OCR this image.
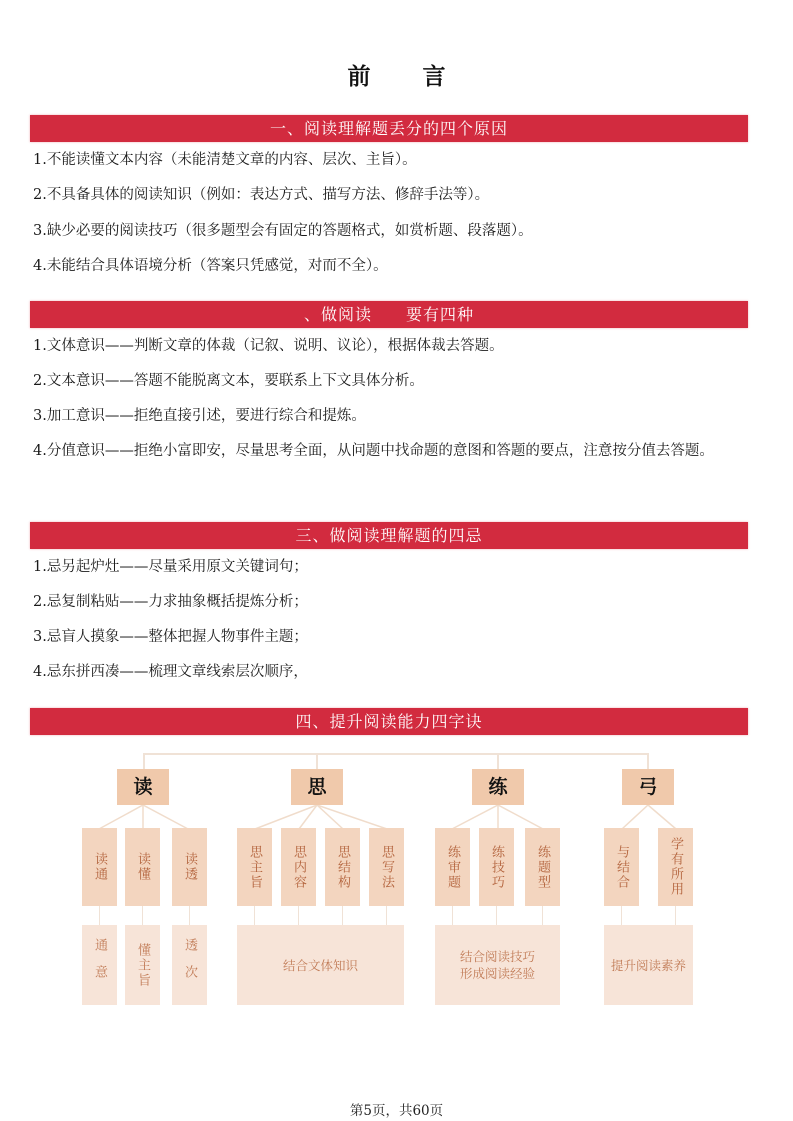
前 言
一、阅读理解题丢分的四个原因
1.不能读懂文本内容（未能清楚文章的内容、层次、主旨）。
2.不具备具体的阅读知识（例如：表达方式、描写方法、修辞手法等）。
3.缺少必要的阅读技巧（很多题型会有固定的答题格式，如赏析题、段落题）。
4.未能结合具体语境分析（答案只凭感觉，对而不全）。
、做阅读　　要有四种
1.文体意识——判断文章的体裁（记叙、说明、议论），根据体裁去答题。
2.文本意识——答题不能脱离文本，要联系上下文具体分析。
3.加工意识——拒绝直接引述，要进行综合和提炼。
4.分值意识——拒绝小富即安，尽量思考全面，从问题中找命题的意图和答题的要点，注意按分值去答题。
三、做阅读理解题的四忌
1.忌另起炉灶——尽量采用原文关键词句；
2.忌复制粘贴——力求抽象概括提炼分析；
3.忌盲人摸象——整体把握人物事件主题；
4.忌东拼西凑——梳理文章线索层次顺序，
四、提升阅读能力四字诀
读	思	练	弓
读通	读懂	读透	思主旨	思内容	思结构	思写法	练审题	练技巧	练题型	与结合	学有所用
通意	懂主旨	透次	结合文体知识
结合阅读技巧
形成阅读经验
提升阅读素养
第5页，共60页
